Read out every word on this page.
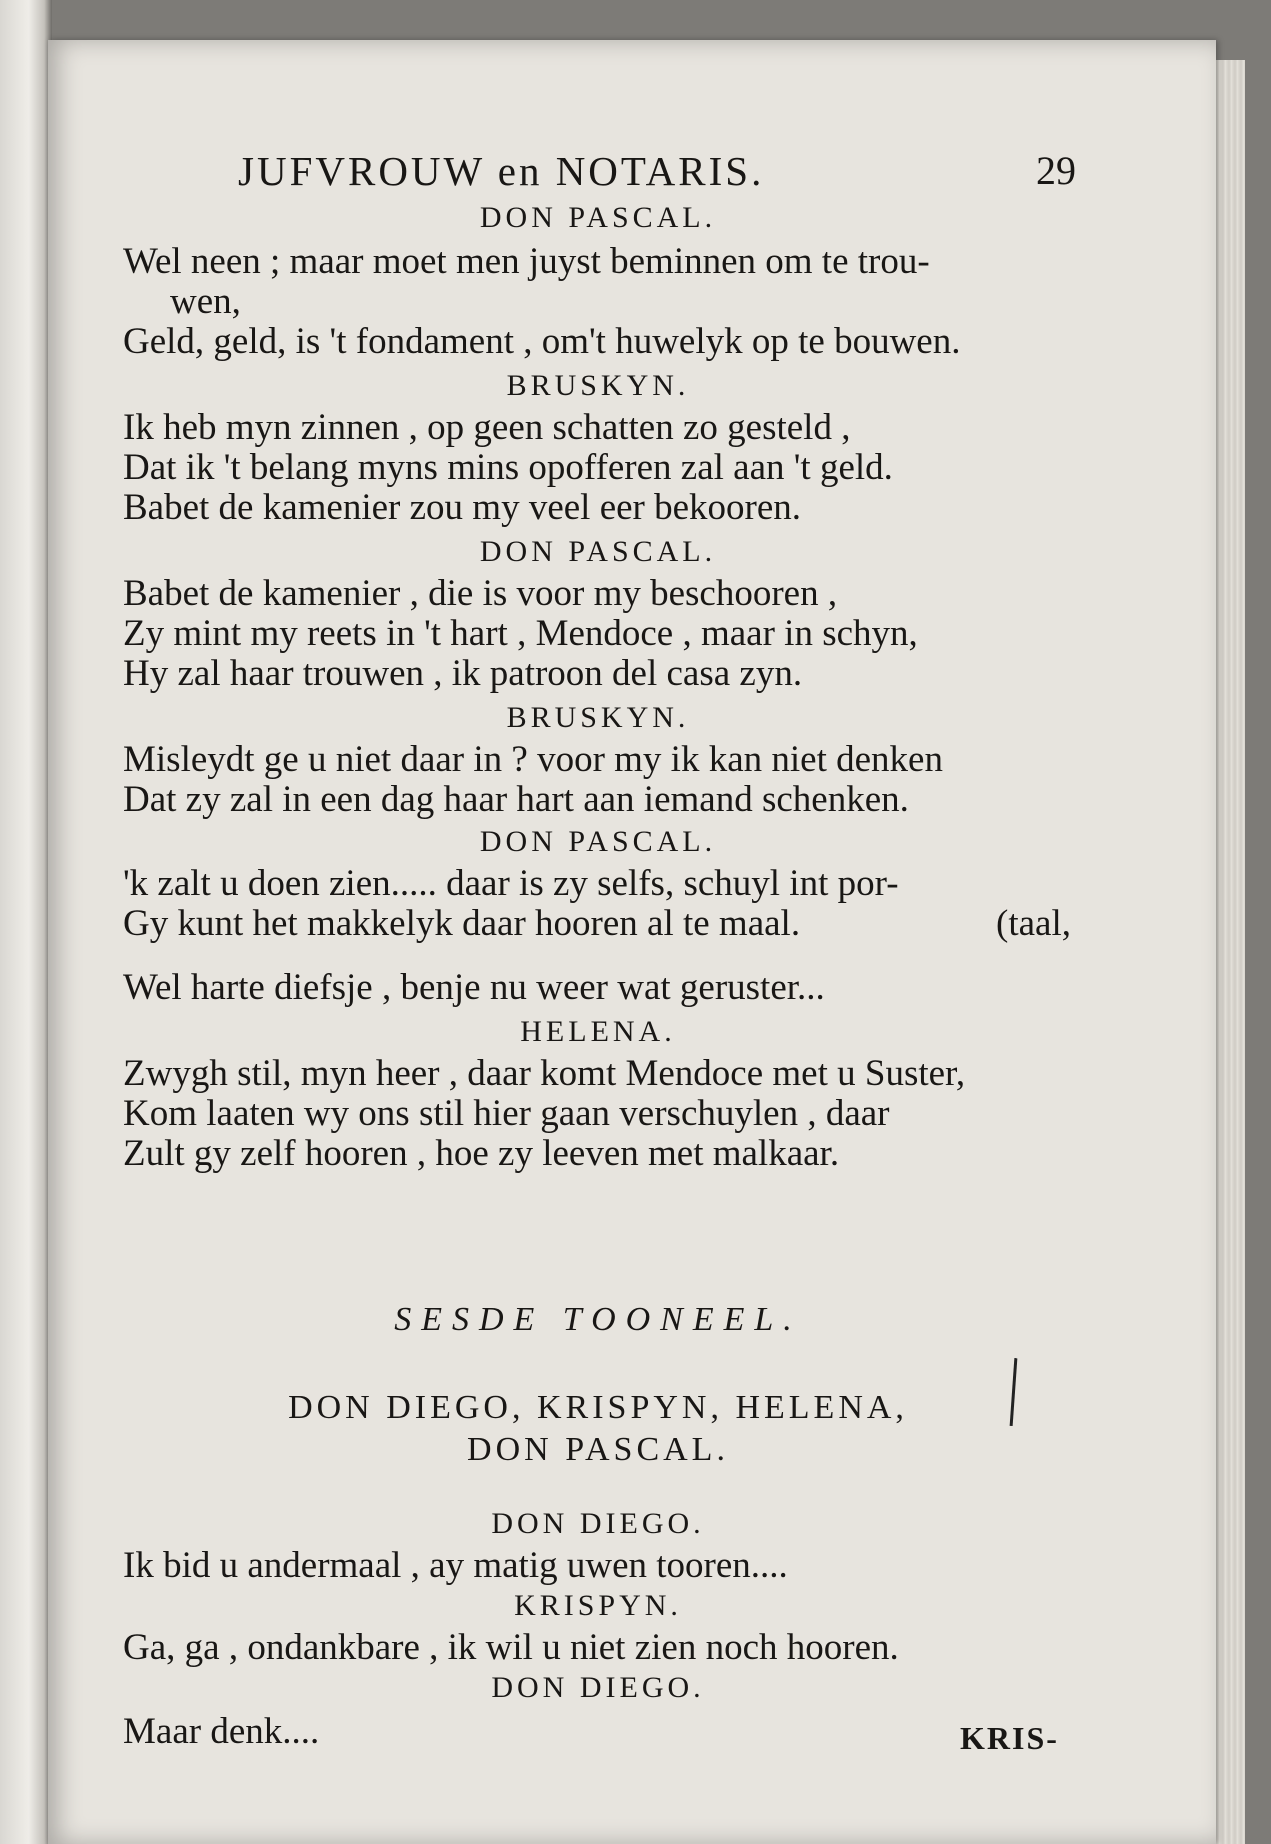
JUFVROUW en NOTARIS.	29
DON PASCAL.
Wel neen ; maar moet men juyst beminnen om te trou-
wen,
Geld, geld, is 't fondament , om't huwelyk op te bouwen.
BRUSKYN.
Ik heb myn zinnen , op geen schatten zo gesteld ,
Dat ik 't belang myns mins opofferen zal aan 't geld.
Babet de kamenier zou my veel eer bekooren.
DON PASCAL.
Babet de kamenier , die is voor my beschooren ,
Zy mint my reets in 't hart , Mendoce , maar in schyn,
Hy zal haar trouwen , ik patroon del casa zyn.
BRUSKYN.
Misleydt ge u niet daar in ? voor my ik kan niet denken
Dat zy zal in een dag haar hart aan iemand schenken.
DON PASCAL.
'k zalt u doen zien..... daar is zy selfs, schuyl int por-
Gy kunt het makkelyk daar hooren al te maal.	(taal,
Wel harte diefsje , benje nu weer wat geruster...
HELENA.
Zwygh stil, myn heer , daar komt Mendoce met u Suster,
Kom laaten wy ons stil hier gaan verschuylen , daar
Zult gy zelf hooren , hoe zy leeven met malkaar.
SESDE TOONEEL.
DON DIEGO, KRISPYN, HELENA,
DON PASCAL.
DON DIEGO.
Ik bid u andermaal , ay matig uwen tooren....
KRISPYN.
Ga, ga , ondankbare , ik wil u niet zien noch hooren.
DON DIEGO.
Maar denk....	KRIS-
